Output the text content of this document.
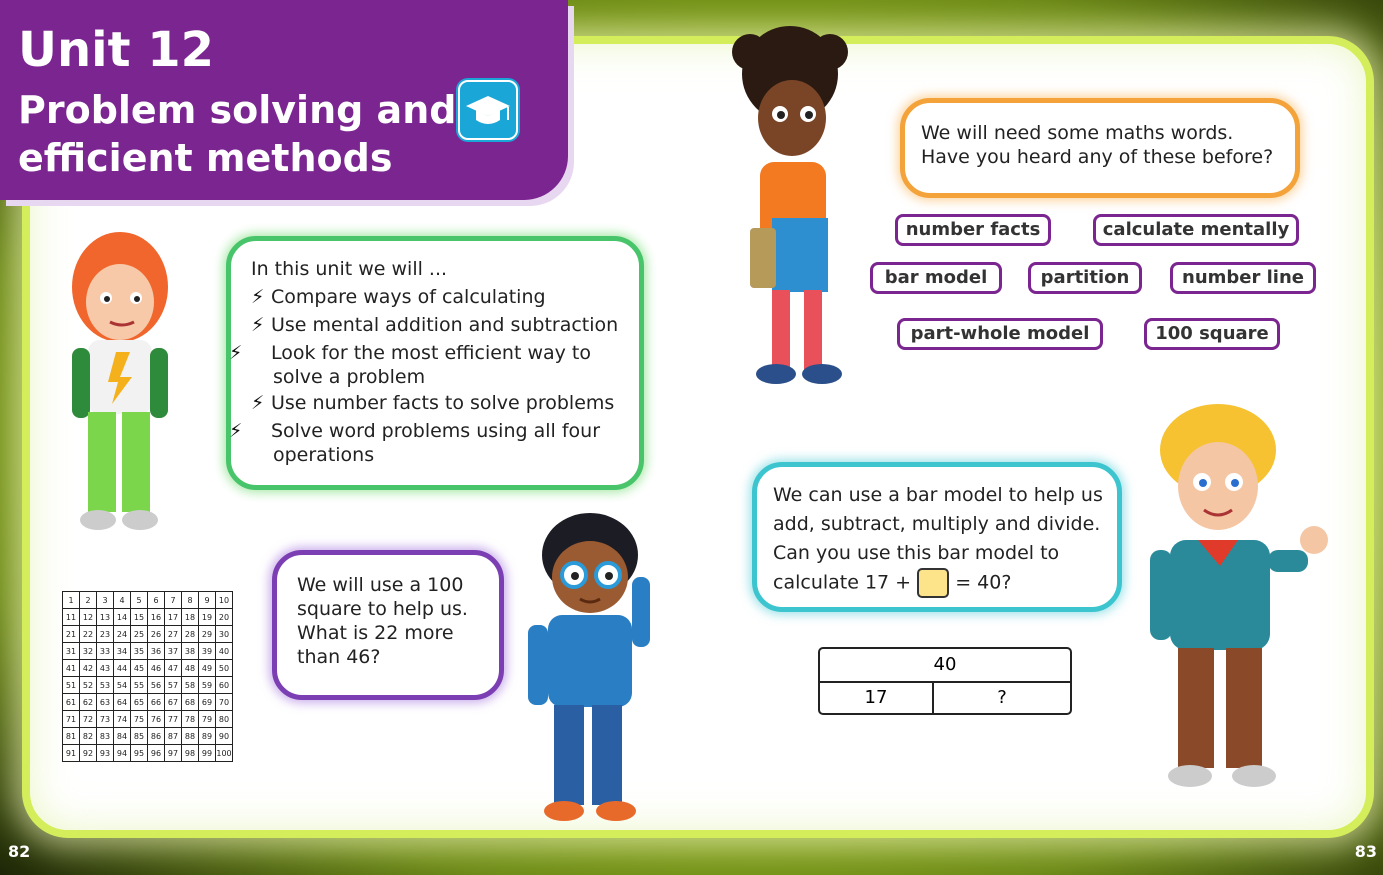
Unit 12
Problem solving and efficient methods
In this unit we will ...
⚡ Compare ways of calculating
⚡ Use mental addition and subtraction
⚡ Look for the most efficient way to solve a problem
⚡ Use number facts to solve problems
⚡ Solve word problems using all four operations
1	2	3	4	5	6	7	8	9	10
11	12	13	14	15	16	17	18	19	20
21	22	23	24	25	26	27	28	29	30
31	32	33	34	35	36	37	38	39	40
41	42	43	44	45	46	47	48	49	50
51	52	53	54	55	56	57	58	59	60
61	62	63	64	65	66	67	68	69	70
71	72	73	74	75	76	77	78	79	80
81	82	83	84	85	86	87	88	89	90
91	92	93	94	95	96	97	98	99	100
We will use a 100 square to help us. What is 22 more than 46?
We will need some maths words. Have you heard any of these before?
number facts	calculate mentally
bar model	partition	number line
part-whole model	100 square
We can use a bar model to help us add, subtract, multiply and divide. Can you use this bar model to calculate 17 + = 40?
40
17	?
82	83
